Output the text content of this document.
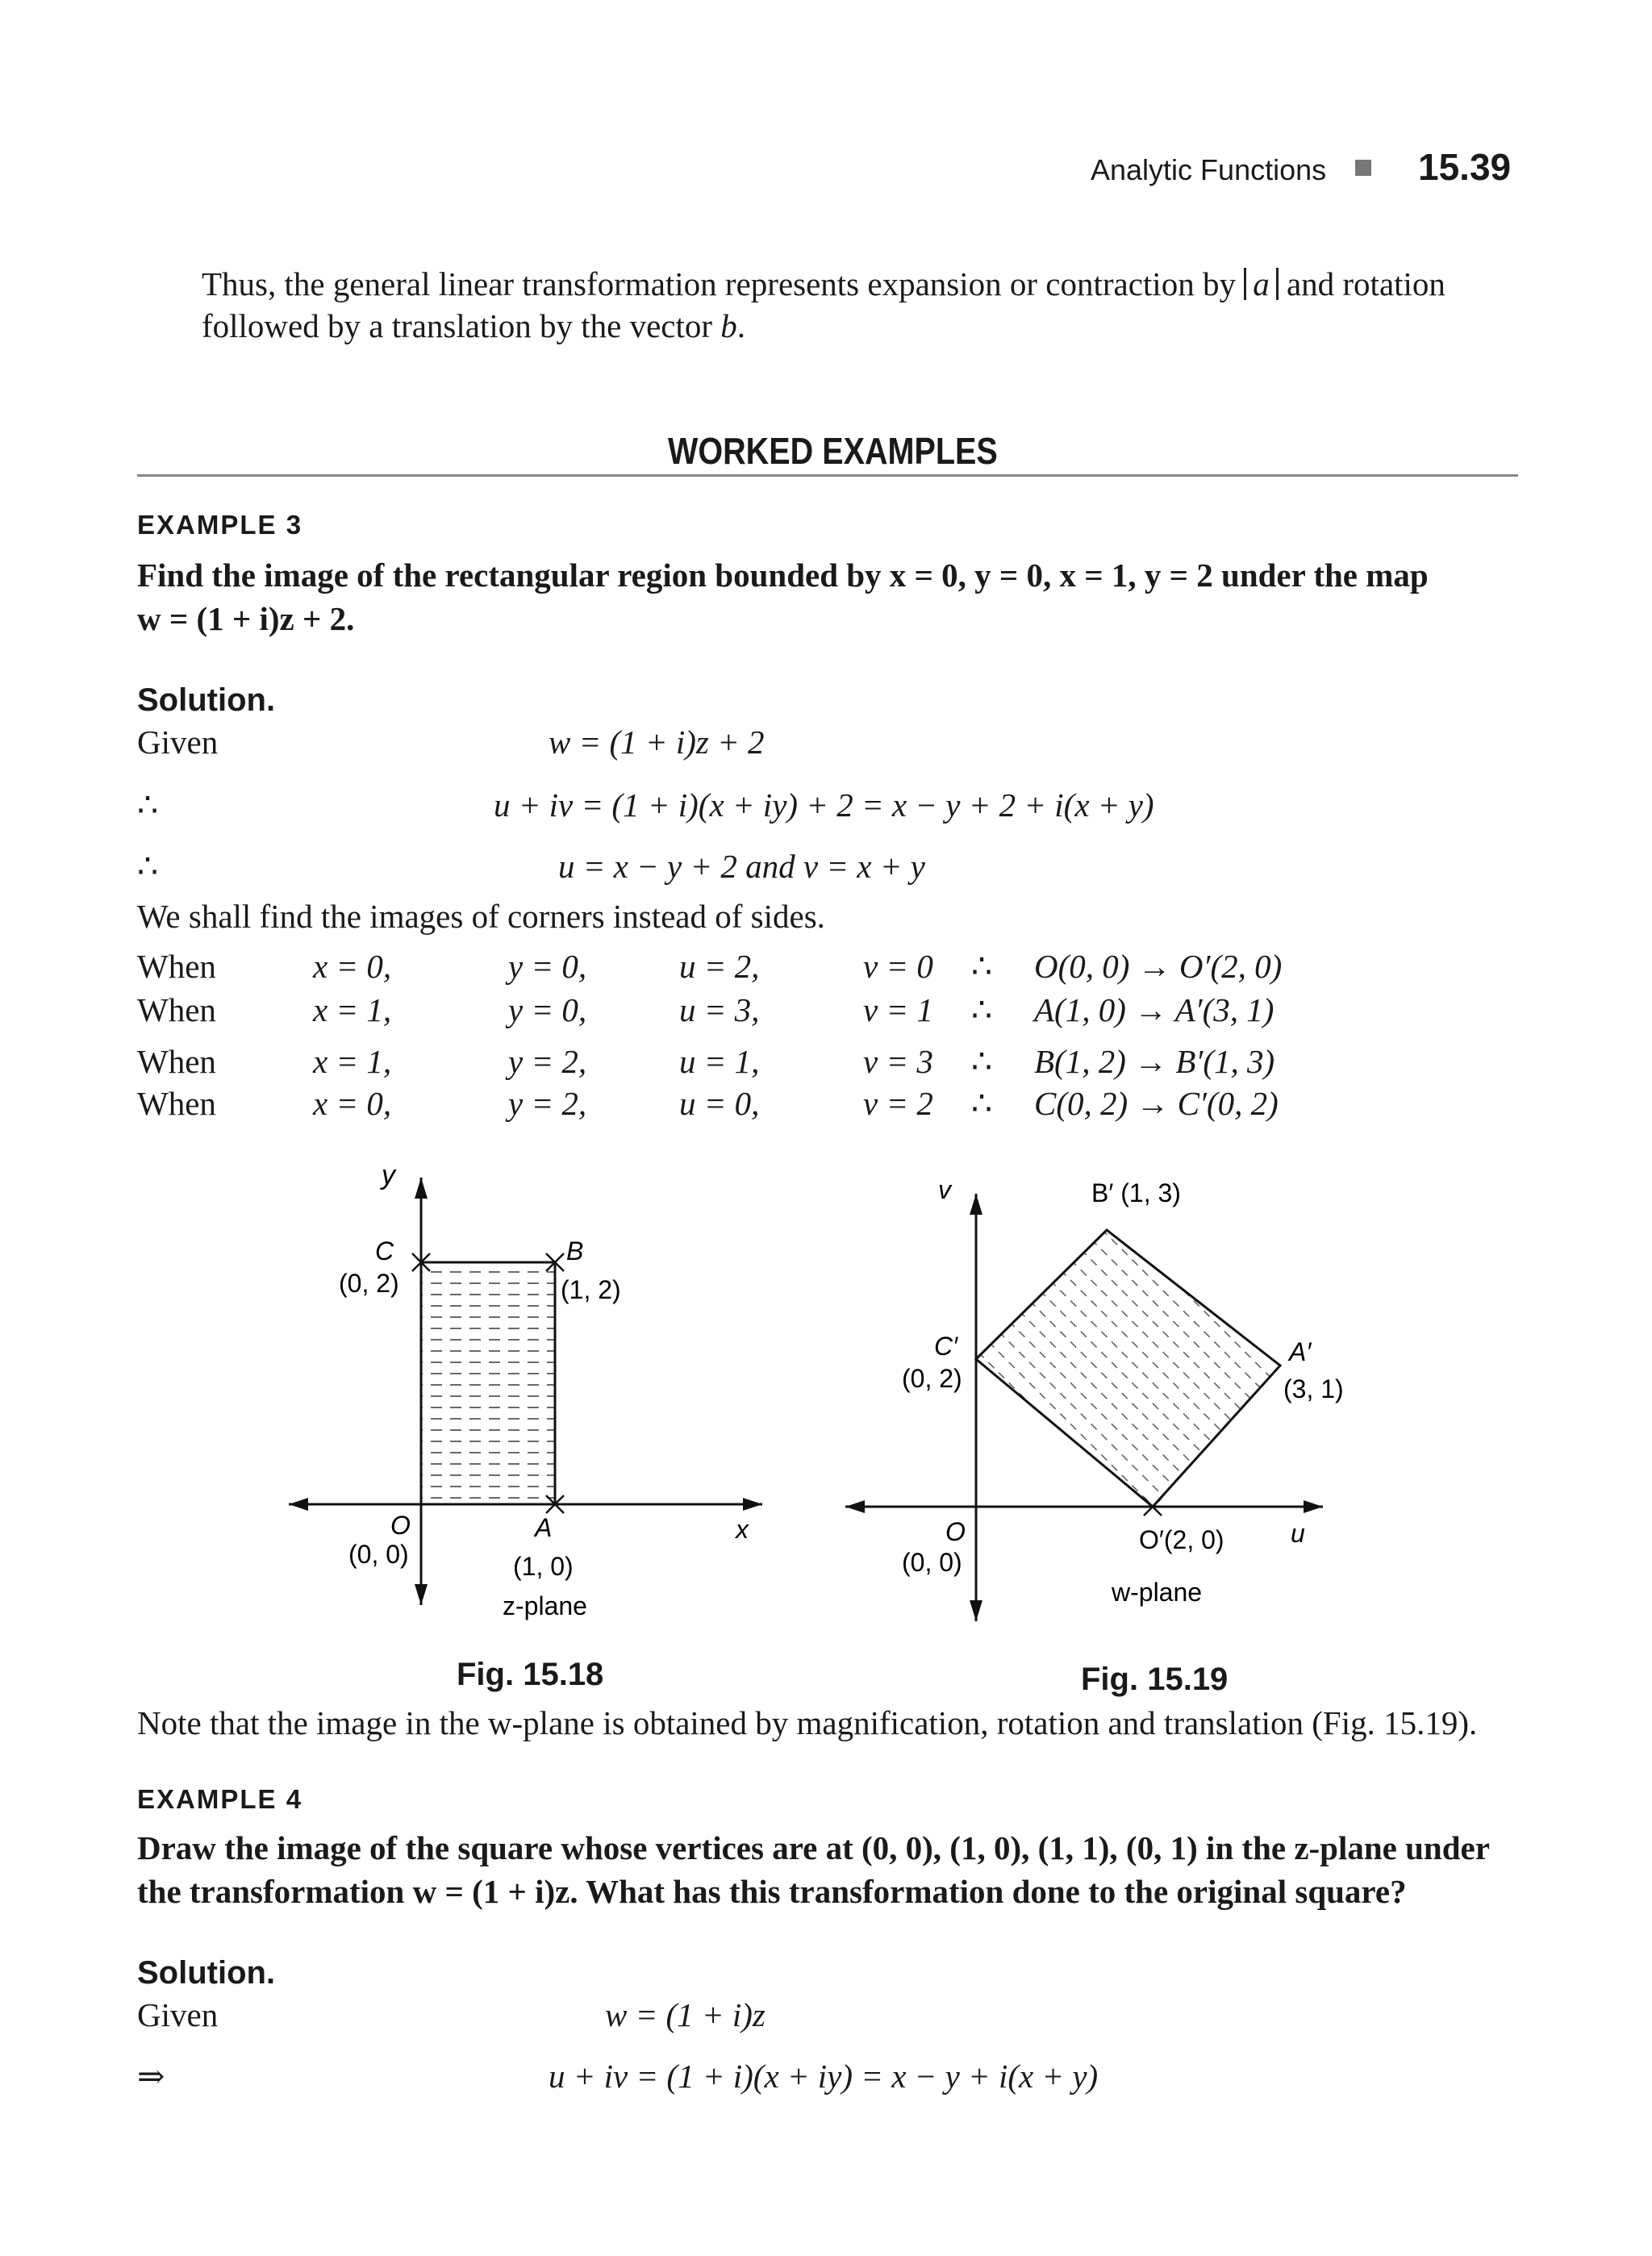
Analytic Functions 15.39
Thus, the general linear transformation represents expansion or contraction by a and rotation
followed by a translation by the vector b.
WORKED EXAMPLES
EXAMPLE 3
Find the image of the rectangular region bounded by x = 0, y = 0, x = 1, y = 2 under the map
w = (1 + i)z + 2.
Solution.
Given	w = (1 + i)z + 2
∴	u + iv = (1 + i)(x + iy) + 2 = x − y + 2 + i(x + y)
∴	u = x − y + 2 and v = x + y
We shall find the images of corners instead of sides.
When	x = 0,	y = 0,	u = 2,	v = 0 ∴ O(0, 0) → O′(2, 0)
When	x = 1,	y = 0,	u = 3,	v = 1 ∴ A(1, 0) → A′(3, 1)
When	x = 1,	y = 2,	u = 1,	v = 3 ∴ B(1, 2) → B′(1, 3)
When	x = 0,	y = 2,	u = 0,	v = 2 ∴ C(0, 2) → C′(0, 2)
y
x
C
(0, 2)
B
(1, 2)
O
(0, 0)
A
(1, 0)
z-plane
v
u
B′ (1, 3)
C′
(0, 2)
A′
(3, 1)
O
(0, 0)
O′(2, 0)
w-plane
Fig. 15.18	Fig. 15.19
Note that the image in the w-plane is obtained by magnification, rotation and translation (Fig. 15.19).
EXAMPLE 4
Draw the image of the square whose vertices are at (0, 0), (1, 0), (1, 1), (0, 1) in the z-plane under
the transformation w = (1 + i)z. What has this transformation done to the original square?
Solution.
Given	w = (1 + i)z
⇒	u + iv = (1 + i)(x + iy) = x − y + i(x + y)
